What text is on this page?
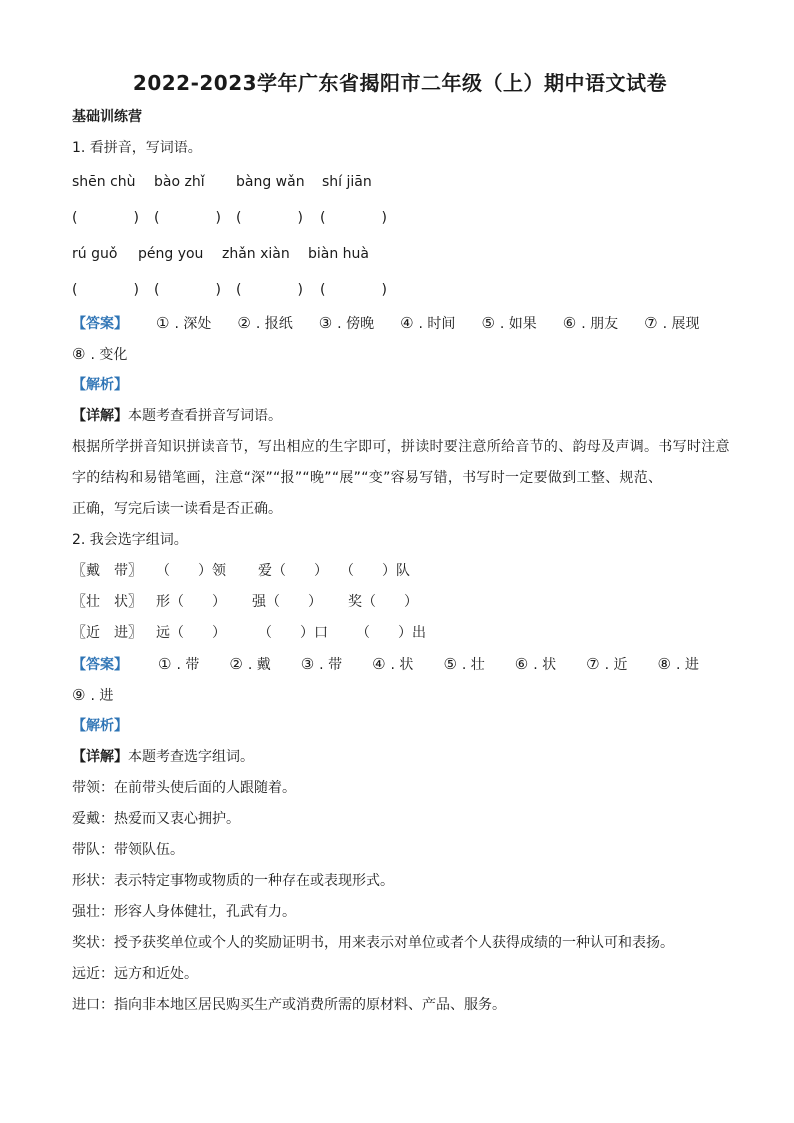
2022-2023学年广东省揭阳市二年级（上）期中语文试卷
基础训练营
1. 看拼音，写词语。
shēn chù bào zhǐ bàng wǎn shí jiān
(　　　　) (　　　　) (　　　　) (　　　　)
rú guǒ péng you zhǎn xiàn biàn huà
(　　　　) (　　　　) (　　　　) (　　　　)
【答案】 ① . 深处 ② . 报纸 ③ . 傍晚 ④ . 时间 ⑤ . 如果 ⑥ . 朋友 ⑦ . 展现
⑧ . 变化
【解析】
【详解】本题考查看拼音写词语。
根据所学拼音知识拼读音节，写出相应的生字即可，拼读时要注意所给音节的、韵母及声调。书写时注意
字的结构和易错笔画，注意“深”“报”“晚”“展”“变”容易写错，书写时一定要做到工整、规范、
正确，写完后读一读看是否正确。
2. 我会选字组词。
〖戴　带〗 （　　）领 爱（　　） （　　）队
〖壮　状〗 形（　　） 强（　　） 奖（　　）
〖近　进〗 远（　　） （　　）口 （　　）出
【答案】 ① . 带 ② . 戴 ③ . 带 ④ . 状 ⑤ . 壮 ⑥ . 状 ⑦ . 近 ⑧ . 进
⑨ . 进
【解析】
【详解】本题考查选字组词。
带领：在前带头使后面的人跟随着。
爱戴：热爱而又衷心拥护。
带队：带领队伍。
形状：表示特定事物或物质的一种存在或表现形式。
强壮：形容人身体健壮，孔武有力。
奖状：授予获奖单位或个人的奖励证明书，用来表示对单位或者个人获得成绩的一种认可和表扬。
远近：远方和近处。
进口：指向非本地区居民购买生产或消费所需的原材料、产品、服务。
